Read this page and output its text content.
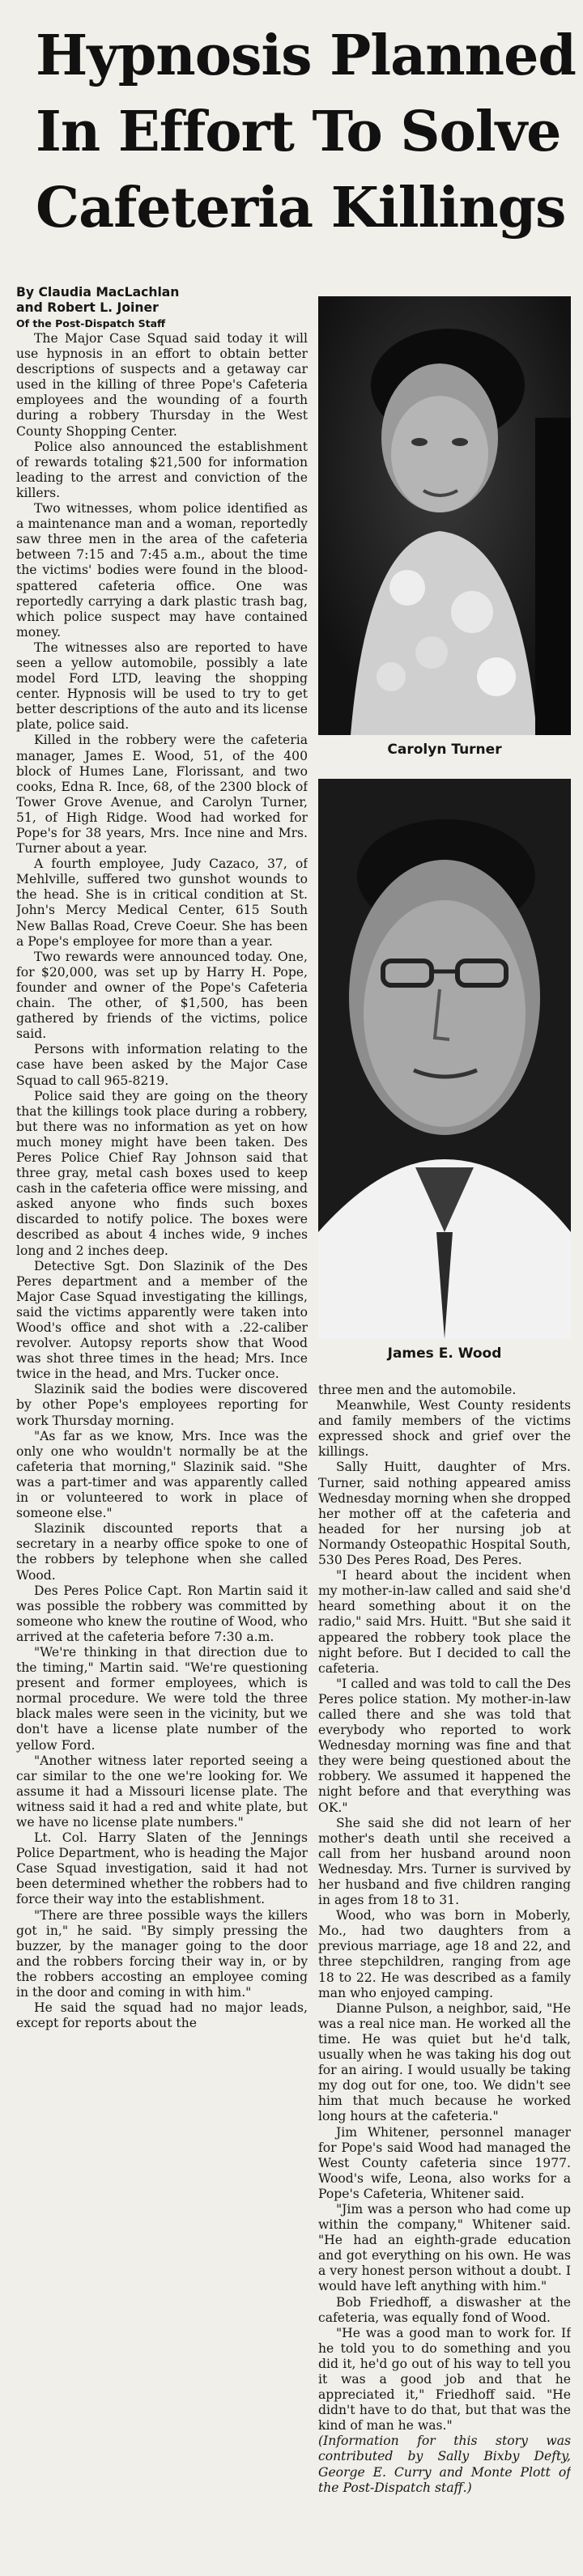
Hypnosis Planned
In Effort To Solve
Cafeteria Killings
By Claudia MacLachlan
and Robert L. Joiner
Of the Post-Dispatch Staff

The Major Case Squad said today it will use hypnosis in an effort to obtain better descriptions of suspects and a getaway car used in the killing of three Pope's Cafeteria employees and the wounding of a fourth during a robbery Thursday in the West County Shopping Center.

Police also announced the establishment of rewards totaling $21,500 for information leading to the arrest and conviction of the killers.

Two witnesses, whom police identified as a maintenance man and a woman, reportedly saw three men in the area of the cafeteria between 7:15 and 7:45 a.m., about the time the victims' bodies were found in the blood-spattered cafeteria office. One was reportedly carrying a dark plastic trash bag, which police suspect may have contained money.

The witnesses also are reported to have seen a yellow automobile, possibly a late model Ford LTD, leaving the shopping center. Hypnosis will be used to try to get better descriptions of the auto and its license plate, police said.

Killed in the robbery were the cafeteria manager, James E. Wood, 51, of the 400 block of Humes Lane, Florissant, and two cooks, Edna R. Ince, 68, of the 2300 block of Tower Grove Avenue, and Carolyn Turner, 51, of High Ridge. Wood had worked for Pope's for 38 years, Mrs. Ince nine and Mrs. Turner about a year.

A fourth employee, Judy Cazaco, 37, of Mehlville, suffered two gunshot wounds to the head. She is in critical condition at St. John's Mercy Medical Center, 615 South New Ballas Road, Creve Coeur. She has been a Pope's employee for more than a year.

Two rewards were announced today. One, for $20,000, was set up by Harry H. Pope, founder and owner of the Pope's Cafeteria chain. The other, of $1,500, has been gathered by friends of the victims, police said.

Persons with information relating to the case have been asked by the Major Case Squad to call 965-8219.

Police said they are going on the theory that the killings took place during a robbery, but there was no information as yet on how much money might have been taken. Des Peres Police Chief Ray Johnson said that three gray, metal cash boxes used to keep cash in the cafeteria office were missing, and asked anyone who finds such boxes discarded to notify police. The boxes were described as about 4 inches wide, 9 inches long and 2 inches deep.

Detective Sgt. Don Slazinik of the Des Peres department and a member of the Major Case Squad investigating the killings, said the victims apparently were taken into Wood's office and shot with a .22-caliber revolver. Autopsy reports show that Wood was shot three times in the head; Mrs. Ince twice in the head, and Mrs. Tucker once.

Slazinik said the bodies were discovered by other Pope's employees reporting for work Thursday morning.

"As far as we know, Mrs. Ince was the only one who wouldn't normally be at the cafeteria that morning," Slazinik said. "She was a part-timer and was apparently called in or volunteered to work in place of someone else."

Slazinik discounted reports that a secretary in a nearby office spoke to one of the robbers by telephone when she called Wood.

Des Peres Police Capt. Ron Martin said it was possible the robbery was committed by someone who knew the routine of Wood, who arrived at the cafeteria before 7:30 a.m.

"We're thinking in that direction due to the timing," Martin said. "We're questioning present and former employees, which is normal procedure. We were told the three black males were seen in the vicinity, but we don't have a license plate number of the yellow Ford.

"Another witness later reported seeing a car similar to the one we're looking for. We assume it had a Missouri license plate. The witness said it had a red and white plate, but we have no license plate numbers."

Lt. Col. Harry Slaten of the Jennings Police Department, who is heading the Major Case Squad investigation, said it had not been determined whether the robbers had to force their way into the establishment.

"There are three possible ways the killers got in," he said. "By simply pressing the buzzer, by the manager going to the door and the robbers forcing their way in, or by the robbers accosting an employee coming in the door and coming in with him."

He said the squad had no major leads, except for reports about the

Carolyn Turner
James E. Wood

three men and the automobile.

Meanwhile, West County residents and family members of the victims expressed shock and grief over the killings.

Sally Huitt, daughter of Mrs. Turner, said nothing appeared amiss Wednesday morning when she dropped her mother off at the cafeteria and headed for her nursing job at Normandy Osteopathic Hospital South, 530 Des Peres Road, Des Peres.

"I heard about the incident when my mother-in-law called and said she'd heard something about it on the radio," said Mrs. Huitt. "But she said it appeared the robbery took place the night before. But I decided to call the cafeteria.

"I called and was told to call the Des Peres police station. My mother-in-law called there and she was told that everybody who reported to work Wednesday morning was fine and that they were being questioned about the robbery. We assumed it happened the night before and that everything was OK."

She said she did not learn of her mother's death until she received a call from her husband around noon Wednesday. Mrs. Turner is survived by her husband and five children ranging in ages from 18 to 31.

Wood, who was born in Moberly, Mo., had two daughters from a previous marriage, age 18 and 22, and three stepchildren, ranging from age 18 to 22. He was described as a family man who enjoyed camping.

Dianne Pulson, a neighbor, said, "He was a real nice man. He worked all the time. He was quiet but he'd talk, usually when he was taking his dog out for an airing. I would usually be taking my dog out for one, too. We didn't see him that much because he worked long hours at the cafeteria."

Jim Whitener, personnel manager for Pope's said Wood had managed the West County cafeteria since 1977. Wood's wife, Leona, also works for a Pope's Cafeteria, Whitener said.

"Jim was a person who had come up within the company," Whitener said. "He had an eighth-grade education and got everything on his own. He was a very honest person without a doubt. I would have left anything with him."

Bob Friedhoff, a diswasher at the cafeteria, was equally fond of Wood.

"He was a good man to work for. If he told you to do something and you did it, he'd go out of his way to tell you it was a good job and that he appreciated it," Friedhoff said. "He didn't have to do that, but that was the kind of man he was."

(Information for this story was contributed by Sally Bixby Defty, George E. Curry and Monte Plott of the Post-Dispatch staff.)
